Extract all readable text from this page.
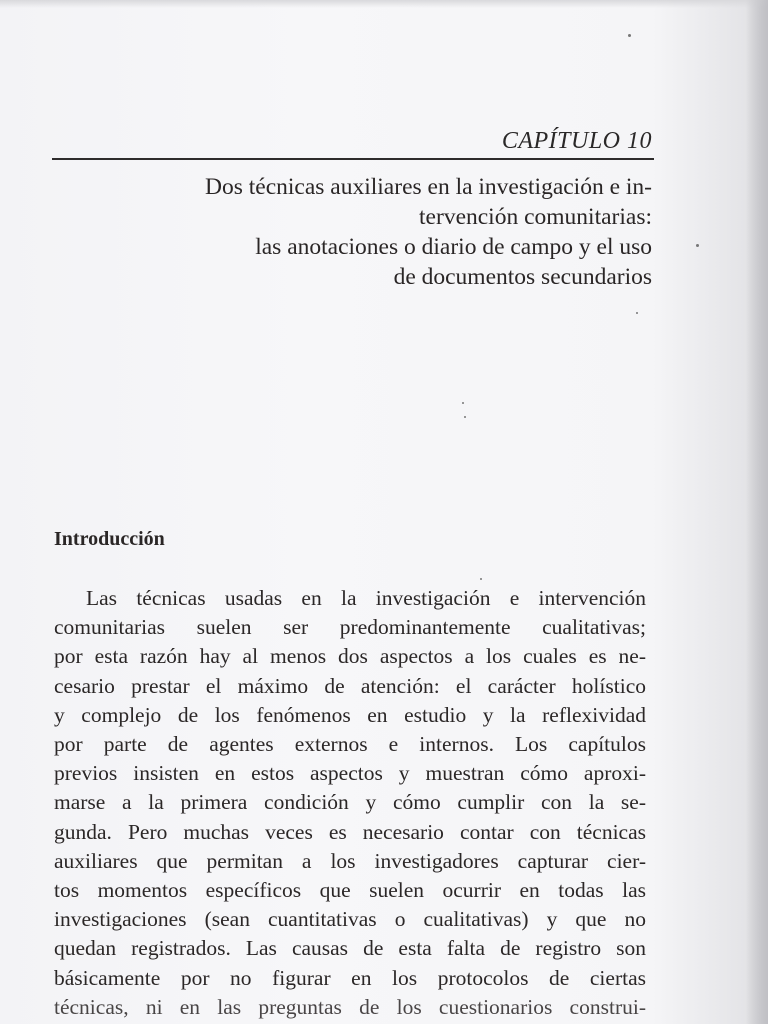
CAPÍTULO 10
Dos técnicas auxiliares en la investigación e in-
tervención comunitarias:
las anotaciones o diario de campo y el uso
de documentos secundarios
Introducción
Las técnicas usadas en la investigación e intervención
comunitarias suelen ser predominantemente cualitativas;
por esta razón hay al menos dos aspectos a los cuales es ne-
cesario prestar el máximo de atención: el carácter holístico
y complejo de los fenómenos en estudio y la reflexividad
por parte de agentes externos e internos. Los capítulos
previos insisten en estos aspectos y muestran cómo aproxi-
marse a la primera condición y cómo cumplir con la se-
gunda. Pero muchas veces es necesario contar con técnicas
auxiliares que permitan a los investigadores capturar cier-
tos momentos específicos que suelen ocurrir en todas las
investigaciones (sean cuantitativas o cualitativas) y que no
quedan registrados. Las causas de esta falta de registro son
básicamente por no figurar en los protocolos de ciertas
técnicas, ni en las preguntas de los cuestionarios construi-
